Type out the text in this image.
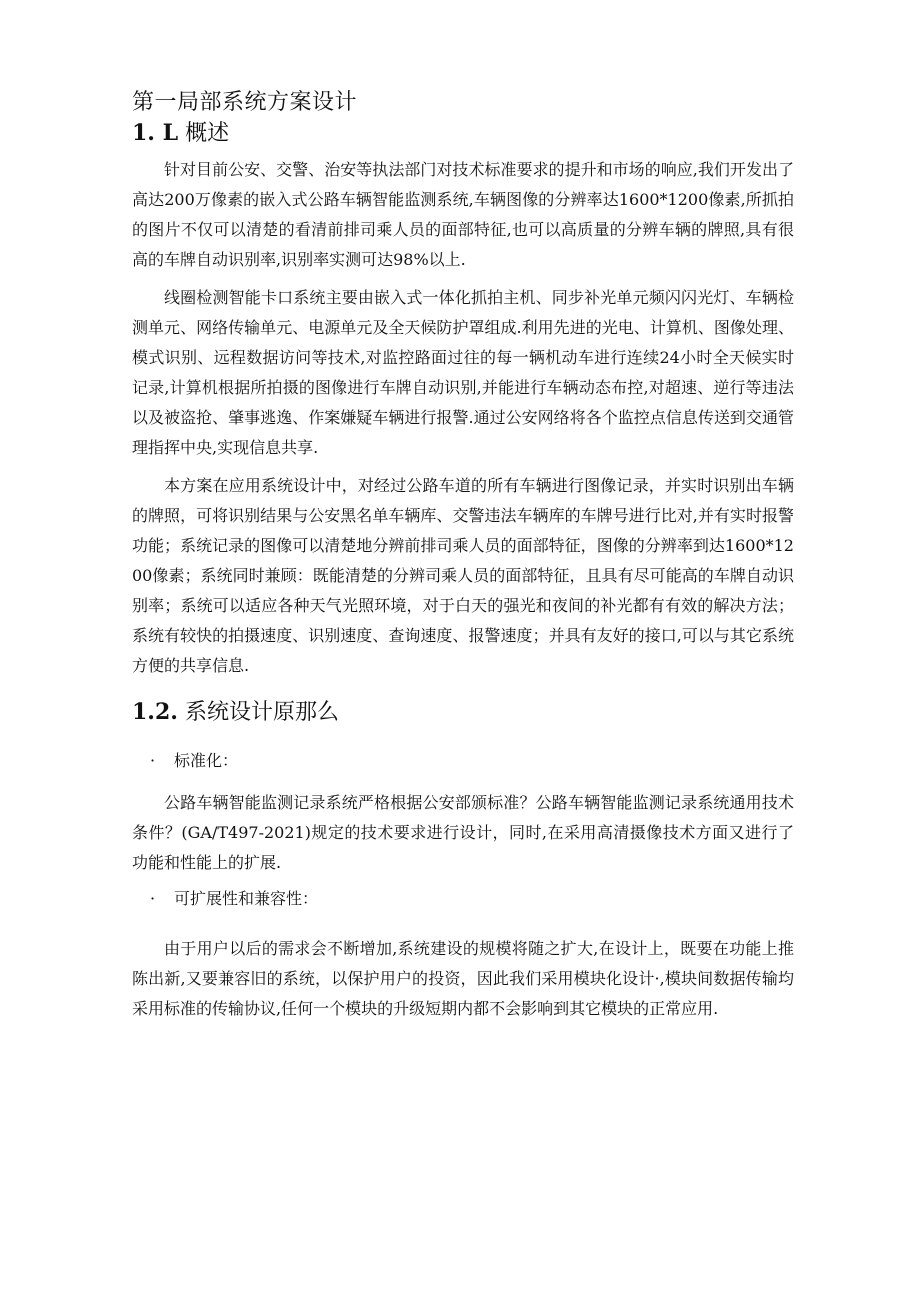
第一局部系统方案设计
1. L 概述

针对目前公安、交警、治安等执法部门对技术标准要求的提升和市场的响应,我们开发出了高达200万像素的嵌入式公路车辆智能监测系统,车辆图像的分辨率达1600*1200像素,所抓拍的图片不仅可以清楚的看清前排司乘人员的面部特征,也可以高质量的分辨车辆的牌照,具有很高的车牌自动识别率,识别率实测可达98%以上.

线圈检测智能卡口系统主要由嵌入式一体化抓拍主机、同步补光单元频闪闪光灯、车辆检测单元、网络传输单元、电源单元及全天候防护罩组成.利用先进的光电、计算机、图像处理、模式识别、远程数据访问等技术,对监控路面过往的每一辆机动车进行连续24小时全天候实时记录,计算机根据所拍摄的图像进行车牌自动识别,并能进行车辆动态布控,对超速、逆行等违法以及被盗抢、肇事逃逸、作案嫌疑车辆进行报警.通过公安网络将各个监控点信息传送到交通管理指挥中央,实现信息共享.

本方案在应用系统设计中，对经过公路车道的所有车辆进行图像记录，并实时识别出车辆的牌照，可将识别结果与公安黑名单车辆库、交警违法车辆库的车牌号进行比对,并有实时报警功能；系统记录的图像可以清楚地分辨前排司乘人员的面部特征，图像的分辨率到达1600*1200像素；系统同时兼顾：既能清楚的分辨司乘人员的面部特征，且具有尽可能高的车牌自动识别率；系统可以适应各种天气光照环境，对于白天的强光和夜间的补光都有有效的解决方法；系统有较快的拍摄速度、识别速度、查询速度、报警速度；并具有友好的接口,可以与其它系统方便的共享信息.

1.2. 系统设计原那么
· 标准化：

公路车辆智能监测记录系统严格根据公安部颁标准？公路车辆智能监测记录系统通用技术条件？(GA/T497-2021)规定的技术要求进行设计，同时,在采用高清摄像技术方面又进行了功能和性能上的扩展.

· 可扩展性和兼容性：

由于用户以后的需求会不断增加,系统建设的规模将随之扩大,在设计上，既要在功能上推陈出新,又要兼容旧的系统，以保护用户的投资，因此我们采用模块化设计·,模块间数据传输均采用标准的传输协议,任何一个模块的升级短期内都不会影响到其它模块的正常应用.
